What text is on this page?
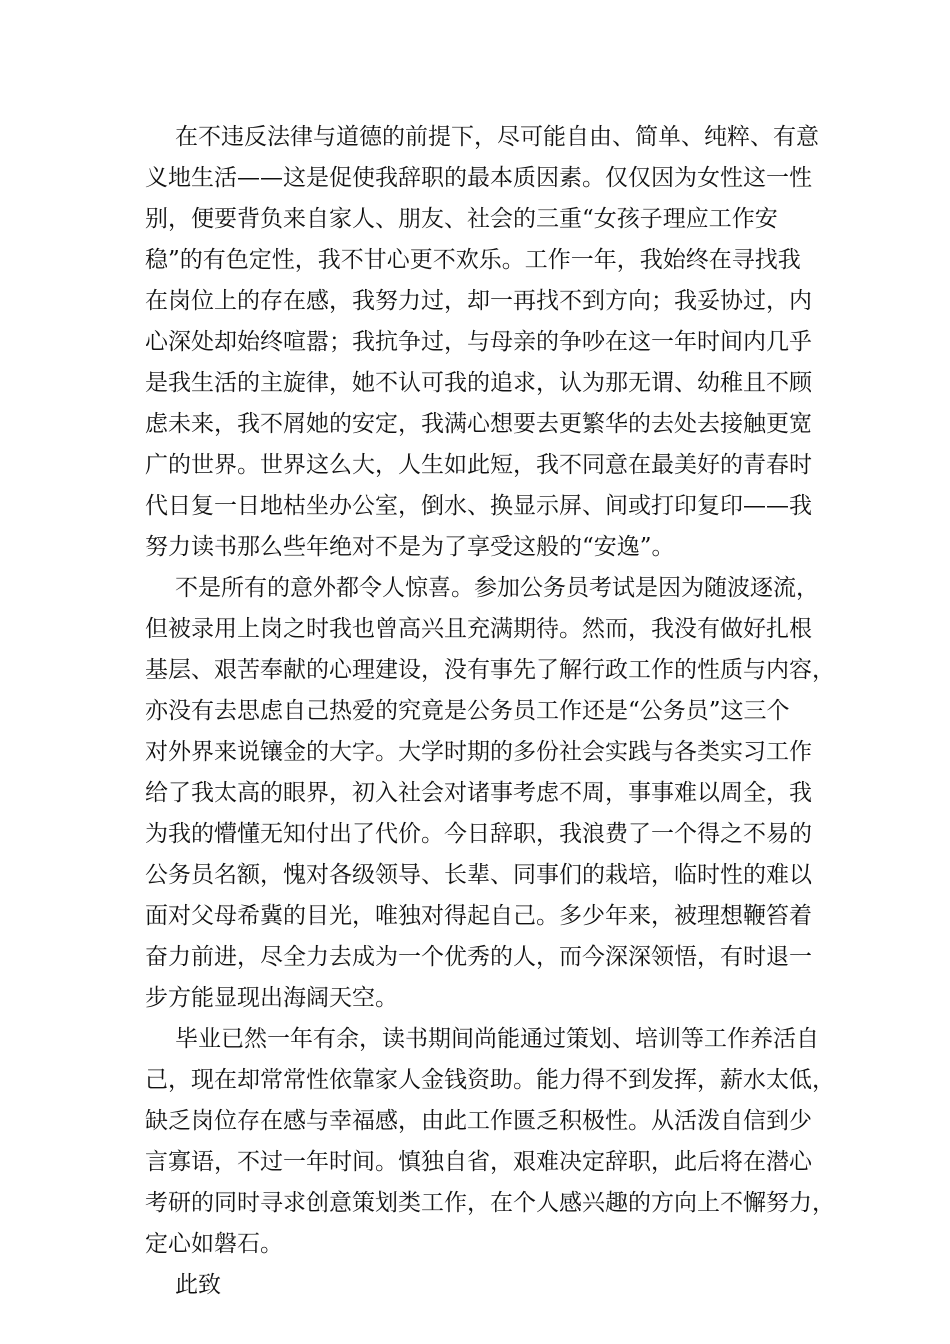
在不违反法律与道德的前提下，尽可能自由、简单、纯粹、有意
义地生活——这是促使我辞职的最本质因素。仅仅因为女性这一性
别，便要背负来自家人、朋友、社会的三重“女孩子理应工作安
稳”的有色定性，我不甘心更不欢乐。工作一年，我始终在寻找我
在岗位上的存在感，我努力过，却一再找不到方向；我妥协过，内
心深处却始终喧嚣；我抗争过，与母亲的争吵在这一年时间内几乎
是我生活的主旋律，她不认可我的追求，认为那无谓、幼稚且不顾
虑未来，我不屑她的安定，我满心想要去更繁华的去处去接触更宽
广的世界。世界这么大，人生如此短，我不同意在最美好的青春时
代日复一日地枯坐办公室，倒水、换显示屏、间或打印复印——我
努力读书那么些年绝对不是为了享受这般的“安逸”。
不是所有的意外都令人惊喜。参加公务员考试是因为随波逐流，
但被录用上岗之时我也曾高兴且充满期待。然而，我没有做好扎根
基层、艰苦奉献的心理建设，没有事先了解行政工作的性质与内容，
亦没有去思虑自己热爱的究竟是公务员工作还是“公务员”这三个
对外界来说镶金的大字。大学时期的多份社会实践与各类实习工作
给了我太高的眼界，初入社会对诸事考虑不周，事事难以周全，我
为我的懵懂无知付出了代价。今日辞职，我浪费了一个得之不易的
公务员名额，愧对各级领导、长辈、同事们的栽培，临时性的难以
面对父母希冀的目光，唯独对得起自己。多少年来，被理想鞭笞着
奋力前进，尽全力去成为一个优秀的人，而今深深领悟，有时退一
步方能显现出海阔天空。
毕业已然一年有余，读书期间尚能通过策划、培训等工作养活自
己，现在却常常性依靠家人金钱资助。能力得不到发挥，薪水太低，
缺乏岗位存在感与幸福感，由此工作匮乏积极性。从活泼自信到少
言寡语，不过一年时间。慎独自省，艰难决定辞职，此后将在潜心
考研的同时寻求创意策划类工作，在个人感兴趣的方向上不懈努力，
定心如磐石。
此致
